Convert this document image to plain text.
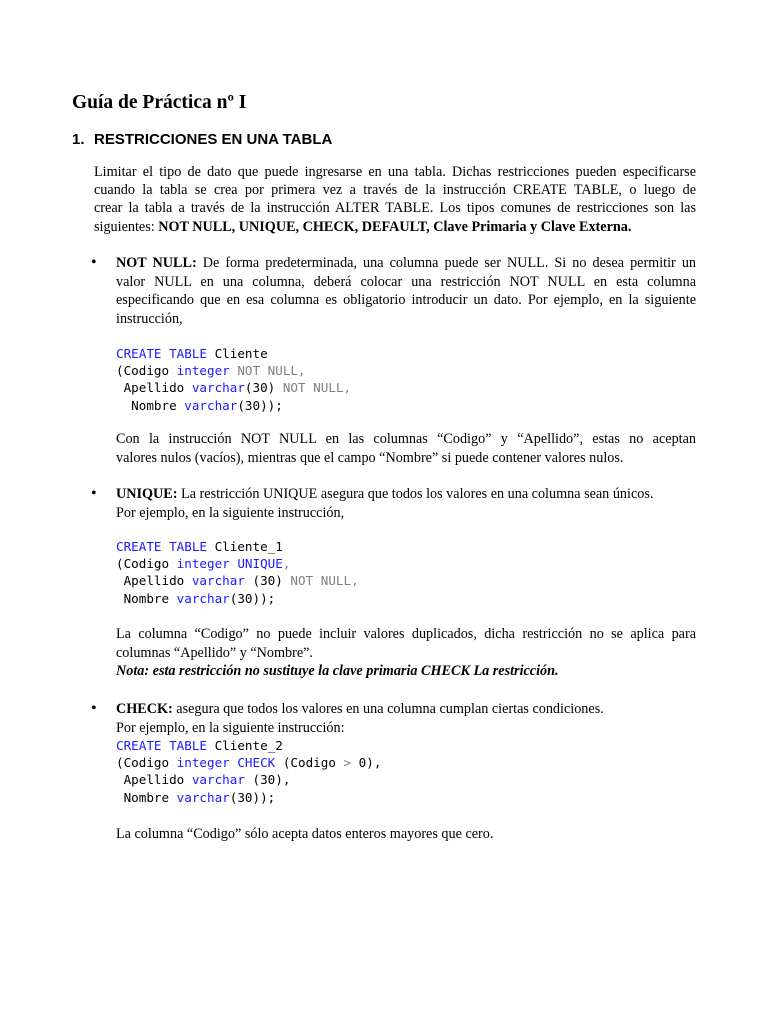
Guía de Práctica nº I
1. RESTRICCIONES EN UNA TABLA
Limitar el tipo de dato que puede ingresarse en una tabla. Dichas restricciones pueden especificarse
cuando la tabla se crea por primera vez a través de la instrucción CREATE TABLE, o luego de
crear la tabla a través de la instrucción ALTER TABLE. Los tipos comunes de restricciones son las
siguientes: NOT NULL, UNIQUE, CHECK, DEFAULT, Clave Primaria y Clave Externa.
• NOT NULL: De forma predeterminada, una columna puede ser NULL. Si no desea permitir un
valor NULL en una columna, deberá colocar una restricción NOT NULL en esta columna
especificando que en esa columna es obligatorio introducir un dato. Por ejemplo, en la siguiente
instrucción,
CREATE TABLE Cliente
(Codigo integer NOT NULL,
Apellido varchar(30) NOT NULL,
Nombre varchar(30));
Con la instrucción NOT NULL en las columnas “Codigo” y “Apellido”, estas no aceptan
valores nulos (vacíos), mientras que el campo “Nombre” si puede contener valores nulos.
• UNIQUE: La restricción UNIQUE asegura que todos los valores en una columna sean únicos.
Por ejemplo, en la siguiente instrucción,
CREATE TABLE Cliente_1
(Codigo integer UNIQUE,
Apellido varchar (30) NOT NULL,
Nombre varchar(30));
La columna “Codigo” no puede incluir valores duplicados, dicha restricción no se aplica para
columnas “Apellido” y “Nombre”.
Nota: esta restricción no sustituye la clave primaria CHECK La restricción.
• CHECK: asegura que todos los valores en una columna cumplan ciertas condiciones.
Por ejemplo, en la siguiente instrucción:
CREATE TABLE Cliente_2
(Codigo integer CHECK (Codigo > 0),
Apellido varchar (30),
Nombre varchar(30));
La columna “Codigo” sólo acepta datos enteros mayores que cero.
